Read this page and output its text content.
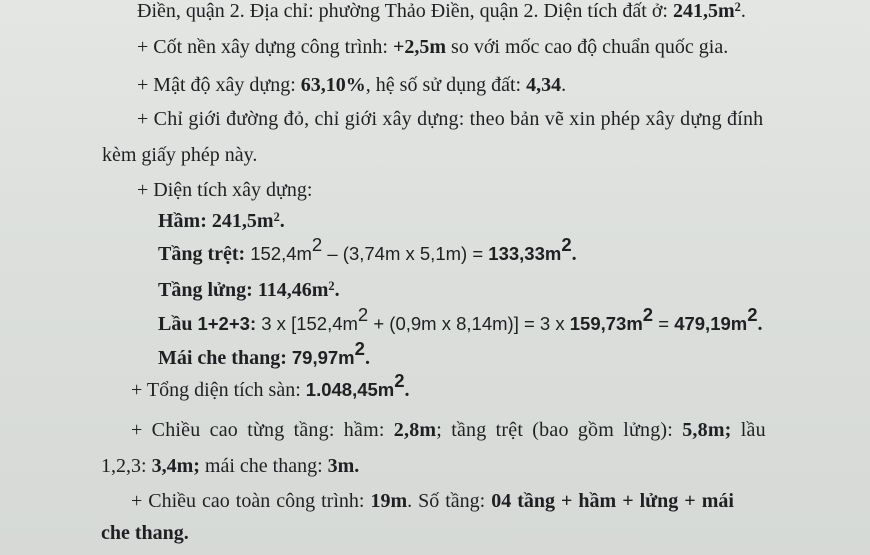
Điền, quận 2. Địa chỉ: phường Thảo Điền, quận 2. Diện tích đất ở: $241,5m^2$.
+ Cốt nền xây dựng công trình: +2,5m so với mốc cao độ chuẩn quốc gia.
+ Mật độ xây dựng: 63,10%, hệ số sử dụng đất: 4,34.
+ Chỉ giới đường đỏ, chỉ giới xây dựng: theo bản vẽ xin phép xây dựng đính
kèm giấy phép này.
+ Diện tích xây dựng:
Hầm: $241,5m^2$.
Tầng trệt: $152,4m^2 - (3,74m$ x $5,1m) = 133,33m^2$.
Tầng lửng: $114,46m^2$.
Lầu 1+2+3: 3 x [$152,4m^2 + (0,9m$ x 8,14m)] = 3 x $159,73m^2 = 479,19m^2$.
Mái che thang: $79,97m^2$.
+ Tổng diện tích sàn: $1.048,45m^2$.
+ Chiều cao từng tầng: hầm: 2,8m; tầng trệt (bao gồm lửng): 5,8m; lầu
1,2,3: 3,4m; mái che thang: 3m.
+ Chiều cao toàn công trình: 19m. Số tầng: 04 tầng + hầm + lửng + mái
che thang.
